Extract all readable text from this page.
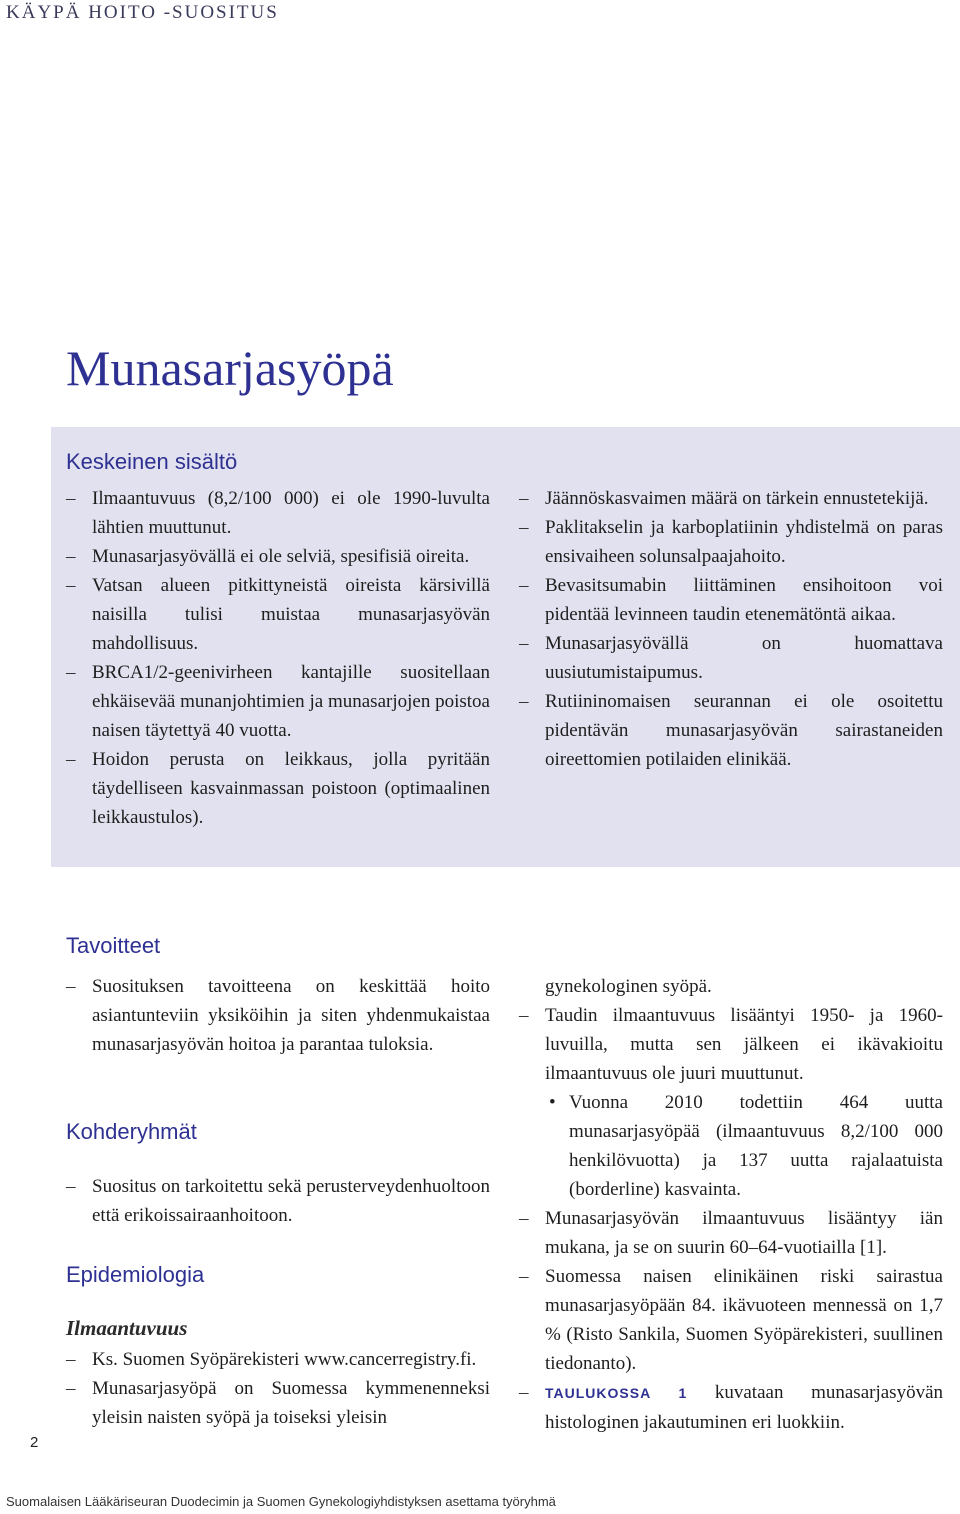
KÄYPÄ HOITO -SUOSITUS
Munasarjasyöpä
Keskeinen sisältö
– Ilmaantuvuus (8,2/100 000) ei ole 1990-luvulta lähtien muuttunut.
– Munasarjasyövällä ei ole selviä, spesifisiä oireita.
– Vatsan alueen pitkittyneistä oireista kärsivillä naisilla tulisi muistaa munasarjasyövän mahdollisuus.
– BRCA1/2-geenivirheen kantajille suositellaan ehkäisevää munanjohtimien ja munasarjojen poistoa naisen täytettyä 40 vuotta.
– Hoidon perusta on leikkaus, jolla pyritään täydelliseen kasvainmassan poistoon (optimaalinen leikkaustulos).
– Jäännöskasvaimen määrä on tärkein ennustetekijä.
– Paklitakselin ja karboplatiinin yhdistelmä on paras ensivaiheen solunsalpaajahoito.
– Bevasitsumabin liittäminen ensihoitoon voi pidentää levinneen taudin etenemätöntä aikaa.
– Munasarjasyövällä on huomattava uusiutumistaipumus.
– Rutiininomaisen seurannan ei ole osoitettu pidentävän munasarjasyövän sairastaneiden oireettomien potilaiden elinikää.
Tavoitteet
– Suosituksen tavoitteena on keskittää hoito asiantunteviin yksiköihin ja siten yhdenmukaistaa munasarjasyövän hoitoa ja parantaa tuloksia.
Kohderyhmät
– Suositus on tarkoitettu sekä perusterveydenhuoltoon että erikoissairaanhoitoon.
Epidemiologia
Ilmaantuvuus
– Ks. Suomen Syöpärekisteri www.cancerregistry.fi.
– Munasarjasyöpä on Suomessa kymmenenneksi yleisin naisten syöpä ja toiseksi yleisin
gynekologinen syöpä.
– Taudin ilmaantuvuus lisääntyi 1950- ja 1960-luvuilla, mutta sen jälkeen ei ikävakioitu ilmaantuvuus ole juuri muuttunut.
• Vuonna 2010 todettiin 464 uutta munasarjasyöpää (ilmaantuvuus 8,2/100 000 henkilövuotta) ja 137 uutta rajalaatuista (borderline) kasvainta.
– Munasarjasyövän ilmaantuvuus lisääntyy iän mukana, ja se on suurin 60–64-vuotiailla [1].
– Suomessa naisen elinikäinen riski sairastua munasarjasyöpään 84. ikävuoteen mennessä on 1,7 % (Risto Sankila, Suomen Syöpärekisteri, suullinen tiedonanto).
– TAULUKOSSA 1 kuvataan munasarjasyövän histologinen jakautuminen eri luokkiin.
2
Suomalaisen Lääkäriseuran Duodecimin ja Suomen Gynekologiyhdistyksen asettama työryhmä
